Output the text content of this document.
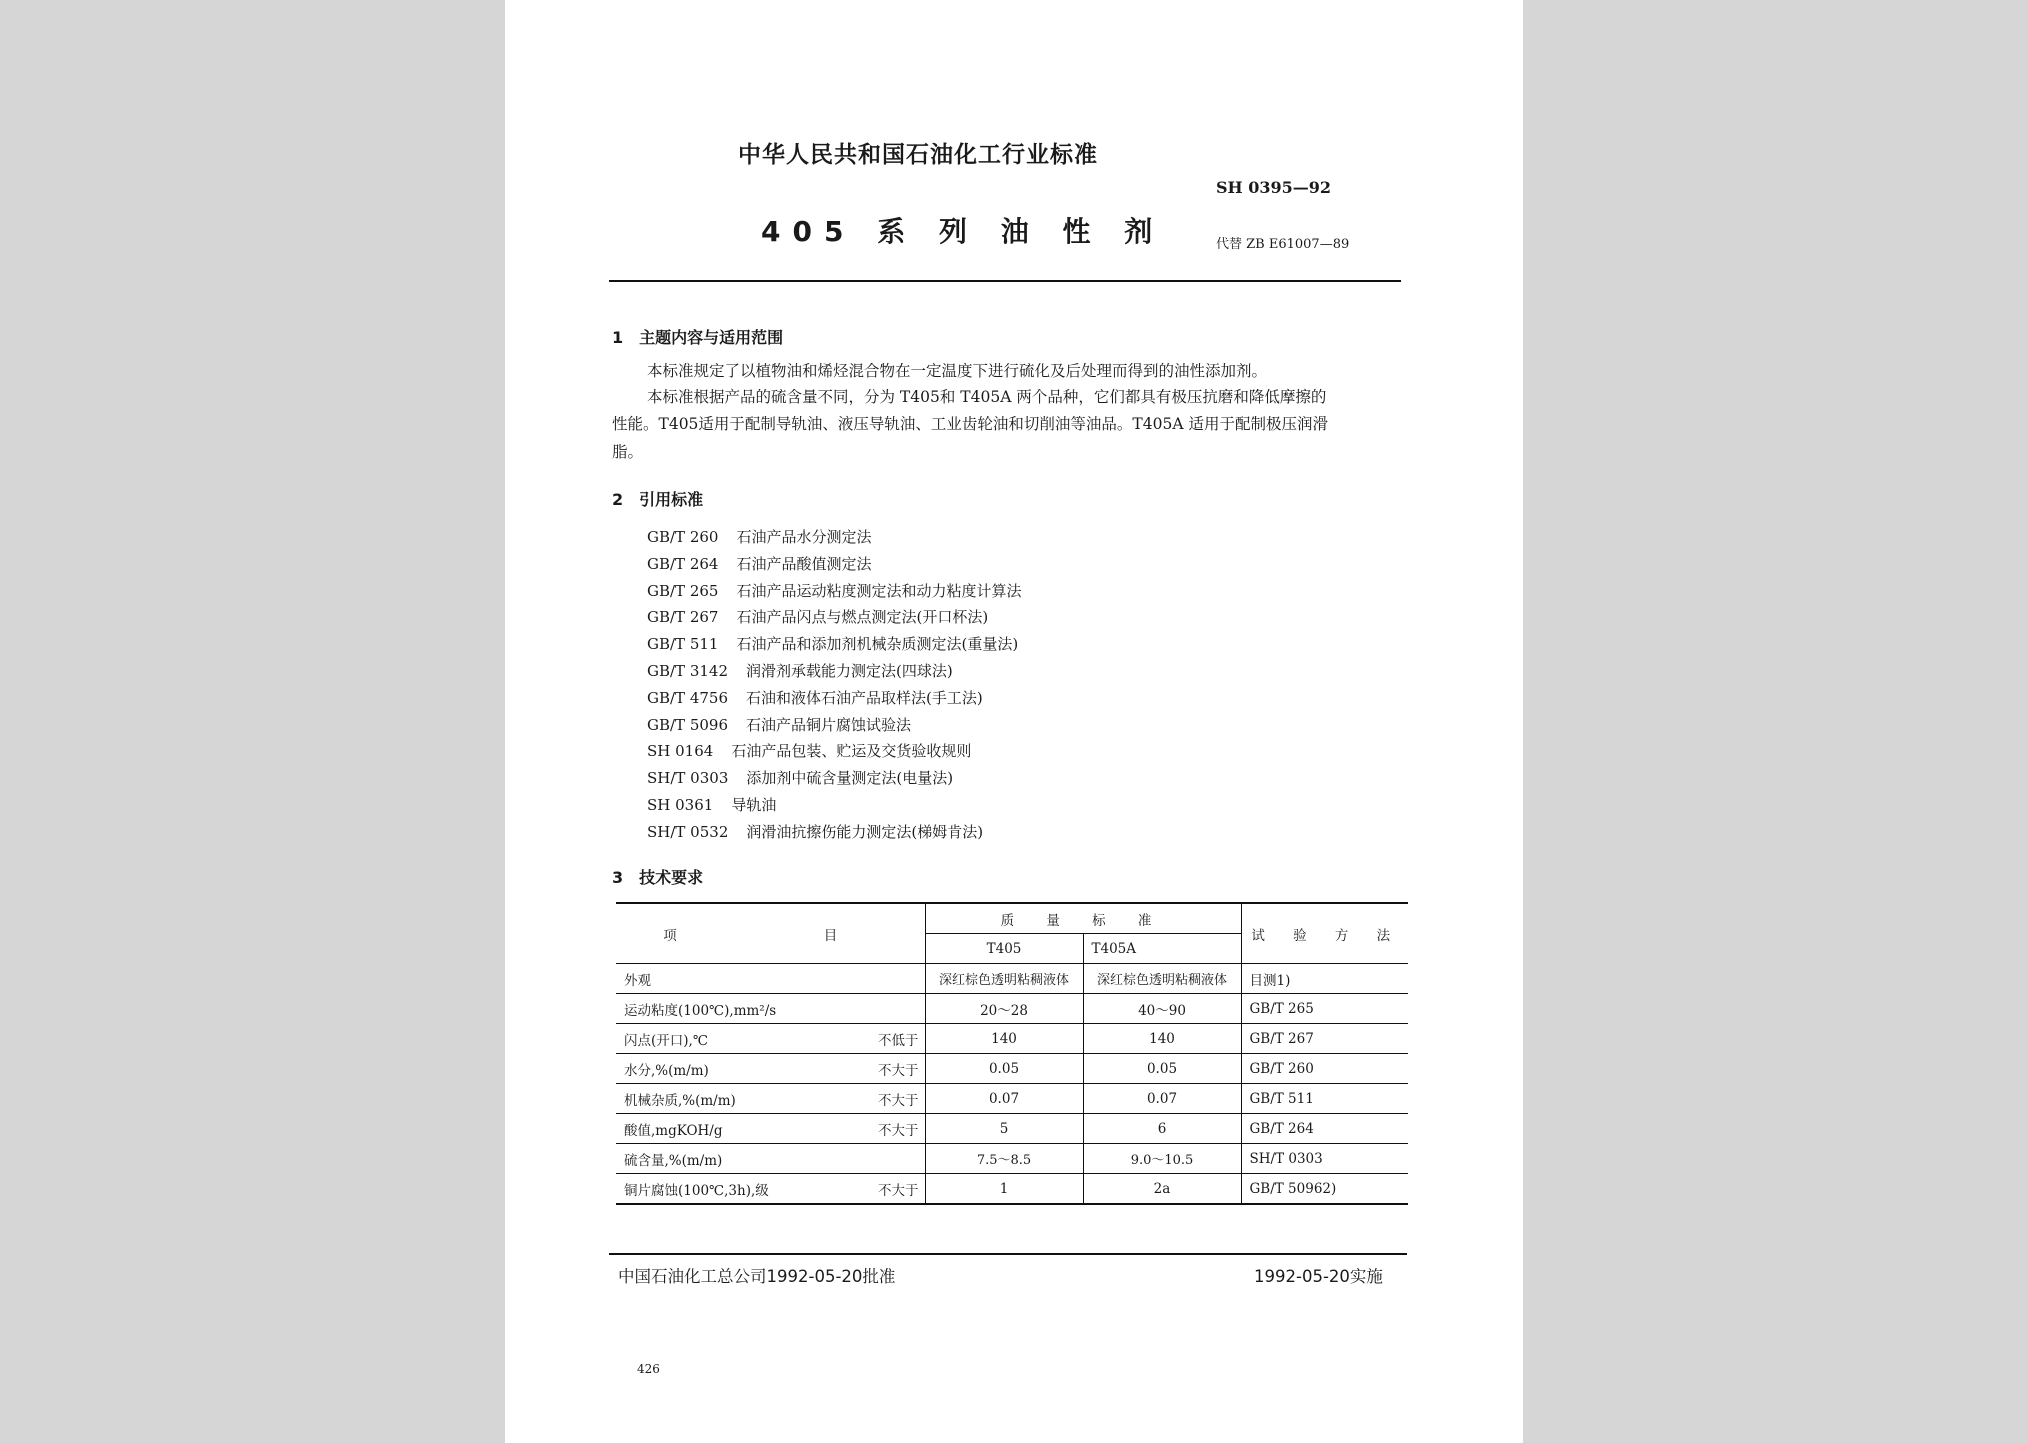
中华人民共和国石油化工行业标准
SH 0395—92
405 系 列 油 性 剂	代替 ZB E61007—89
1　主题内容与适用范围
本标准规定了以植物油和烯烃混合物在一定温度下进行硫化及后处理而得到的油性添加剂。
本标准根据产品的硫含量不同，分为 T405和 T405A 两个品种，它们都具有极压抗磨和降低摩擦的
性能。T405适用于配制导轨油、液压导轨油、工业齿轮油和切削油等油品。T405A 适用于配制极压润滑
脂。
2　引用标准
GB/T 260 石油产品水分测定法
GB/T 264 石油产品酸值测定法
GB/T 265 石油产品运动粘度测定法和动力粘度计算法
GB/T 267 石油产品闪点与燃点测定法(开口杯法)
GB/T 511 石油产品和添加剂机械杂质测定法(重量法)
GB/T 3142 润滑剂承载能力测定法(四球法)
GB/T 4756 石油和液体石油产品取样法(手工法)
GB/T 5096 石油产品铜片腐蚀试验法
SH 0164 石油产品包装、贮运及交货验收规则
SH/T 0303 添加剂中硫含量测定法(电量法)
SH 0361 导轨油
SH/T 0532 润滑油抗擦伤能力测定法(梯姆肯法)
3　技术要求
项　　目	质 量 标 准		试 验 方 法
	T405	T405A	
外观	深红棕色透明粘稠液体	深红棕色透明粘稠液体	目测1)
运动粘度(100℃),mm²/s	20～28	40～90	GB/T 265
闪点(开口),℃ 不低于	140	140	GB/T 267
水分,%(m/m) 不大于	0.05	0.05	GB/T 260
机械杂质,%(m/m) 不大于	0.07	0.07	GB/T 511
酸值,mgKOH/g 不大于	5	6	GB/T 264
硫含量,%(m/m)	7.5～8.5	9.0～10.5	SH/T 0303
铜片腐蚀(100℃,3h),级 不大于	1	2a	GB/T 50962)
中国石油化工总公司1992-05-20批准	1992-05-20实施
426
